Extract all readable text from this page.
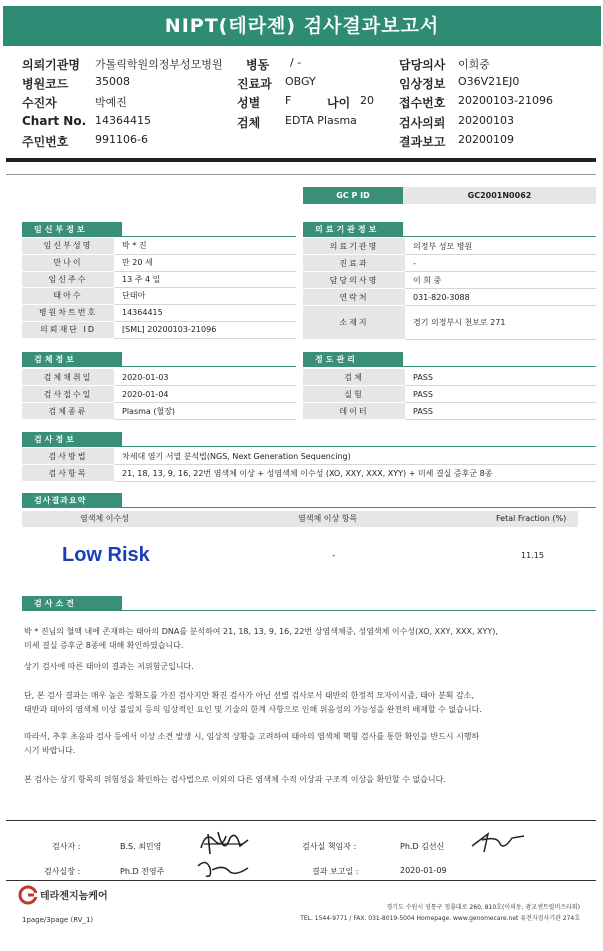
NIPT(테라젠) 검사결과보고서
의뢰기관명 가톨릭학원의정부성모병원 병동 / -	담당의사 이희중
병원코드 35008	진료과 OBGY	임상정보 O36V21EJ0
수진자	박예진	성별 F	나이 20 접수번호 20200103-21096
Chart No. 14364415	검체 EDTA Plasma	검사의뢰 20200103
주민번호 991106-6	결과보고 20200109
GC P ID	GC2001N0062
임신부정보
임신부성명	박 * 진
만나이	만 20 세
임신주수	13 주 4 일
태아수	단태아
병원차트번호	14364415
의뢰재단 ID	[SML] 20200103-21096
의료기관정보
의료기관명	의정부 성모 병원
진료과	-
담당의사명	이 희 중
연락처	031-820-3088
소재지	경기 의정부시 천보로 271
검체정보
검체채취일	2020-01-03
검사접수일	2020-01-04
검체종류	Plasma (혈장)
정도관리
검체	PASS
실험	PASS
데이터	PASS
검사정보
검사방법	차세대 염기 서열 분석법(NGS, Next Generation Sequencing)
검사항목	21, 18, 13, 9, 16, 22번 염색체 이상 + 성염색체 이수성 (XO, XXY, XXX, XYY) + 미세 결실 증후군 8종
검사결과요약
염색체 이수성	염색체 이상 항목	Fetal Fraction (%)
Low Risk	-	11.15
검사소견
박 * 진님의 혈액 내에 존재하는 태아의 DNA를 분석하여 21, 18, 13, 9, 16, 22번 상염색체증, 성염색체 이수성(XO, XXY, XXX, XYY),
미세 결실 증후군 8종에 대해 확인하였습니다.
상기 검사에 따른 태아의 결과는 저위험군입니다.
단, 본 검사 결과는 매우 높은 정확도를 가진 검사지만 확진 검사가 아닌 선별 검사로서 태반의 한정적 모자이시즘, 태아 분획 감소,
태반과 태아의 염색체 이상 불일치 등의 임상적인 요인 및 기술의 한계 사항으로 인해 위음성의 가능성을 완전히 배제할 수 없습니다.
따라서, 추후 초음파 검사 등에서 이상 소견 발생 시, 임상적 상황을 고려하여 태아의 염색체 핵형 검사를 통한 확인을 반드시 시행하
시기 바랍니다.
본 검사는 상기 항목의 위험성을 확인하는 검사법으로 이외의 다른 염색체 수적 이상과 구조적 이상을 확인할 수 없습니다.
검사자 :	B.S. 최민영	검사실 책임자 :	Ph.D 김선신
검사실장 :	Ph.D 전영주	결과 보고일 :	2020-01-09
테라젠지놈케어
1page/3page (RV_1)
경기도 수원시 영통구 청룡대로 260, 810호(이의동, 광교센트럴비즈타워)
TEL. 1544-9771 / FAX. 031-8019-5004 Homepage. www.genomecare.net 유전자검사기관 274호
